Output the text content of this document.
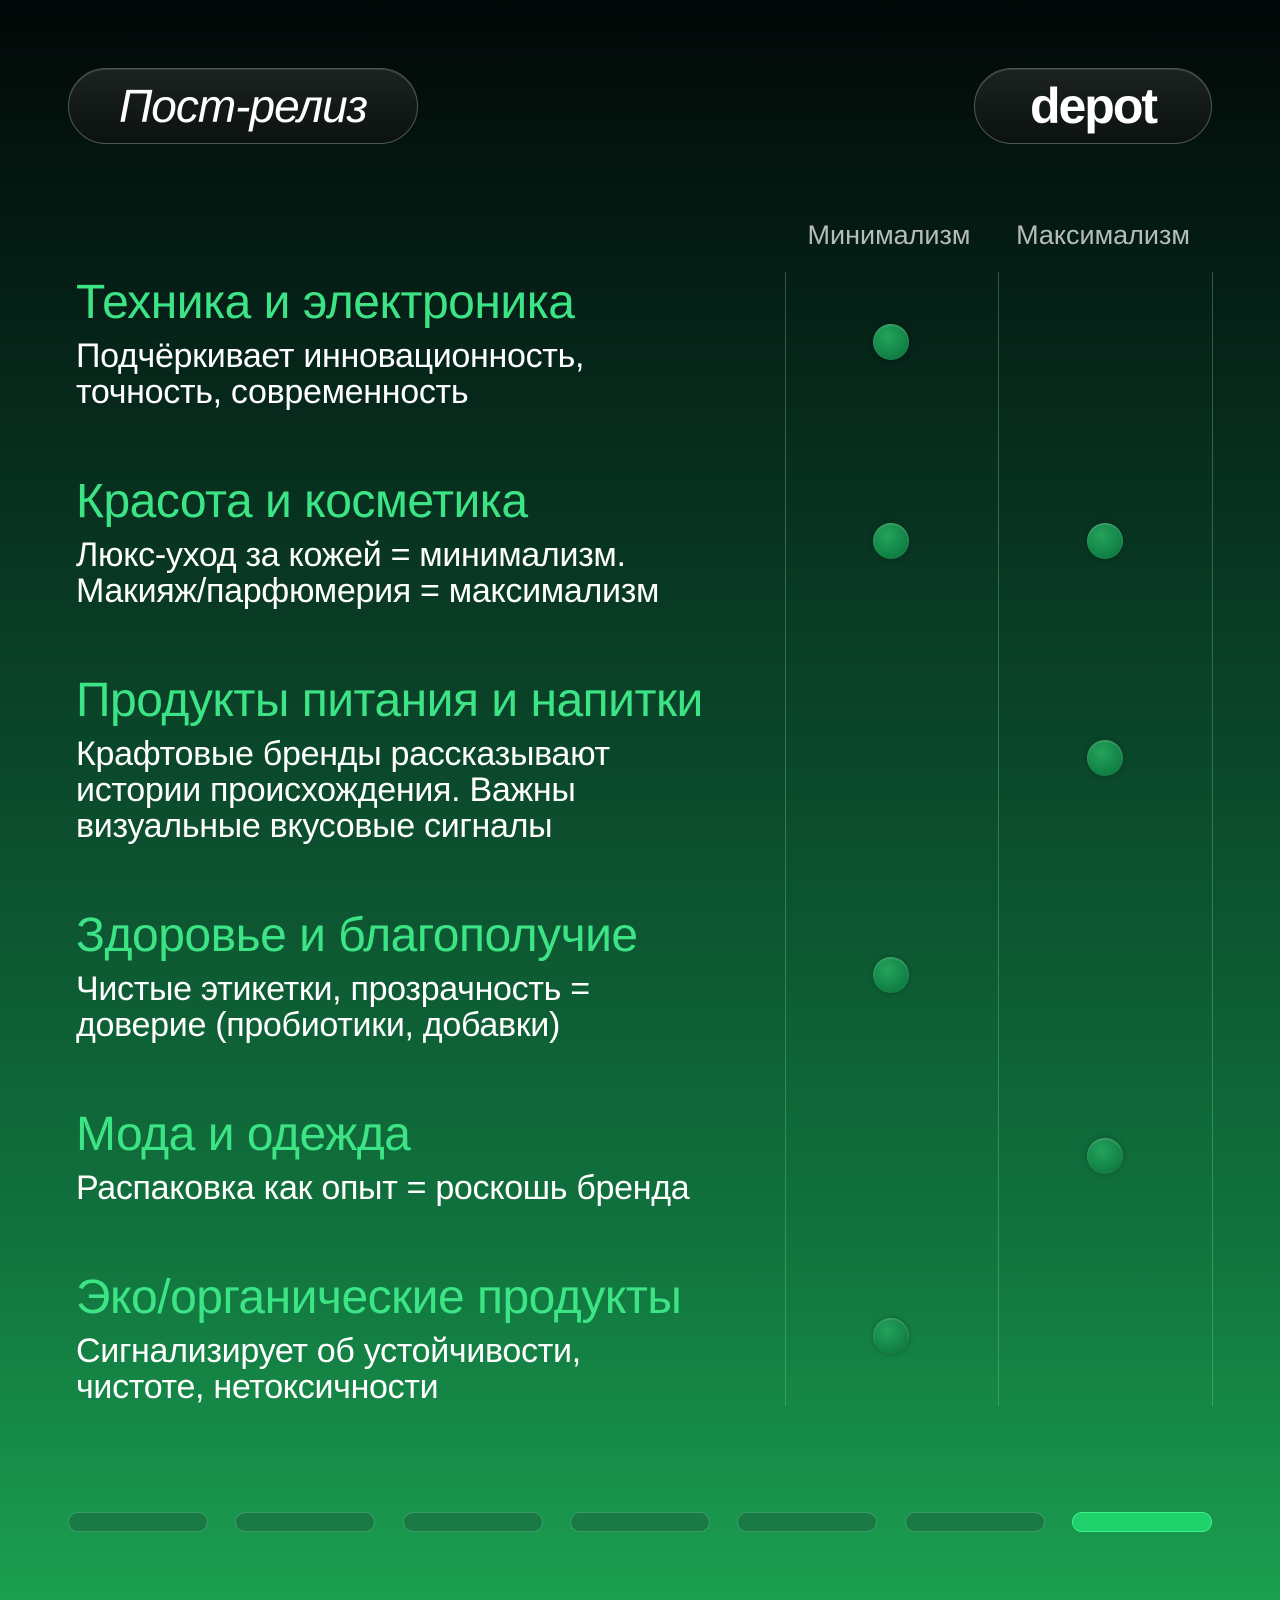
Пост-релиз	depot
Минимализм	Максимализм
Техника и электроника
Подчёркивает инновационность,
точность, современность
Красота и косметика
Люкс-уход за кожей = минимализм.
Макияж/парфюмерия = максимализм
Продукты питания и напитки
Крафтовые бренды рассказывают
истории происхождения. Важны
визуальные вкусовые сигналы
Здоровье и благополучие
Чистые этикетки, прозрачность =
доверие (пробиотики, добавки)
Мода и одежда
Распаковка как опыт = роскошь бренда
Эко/органические продукты
Сигнализирует об устойчивости,
чистоте, нетоксичности
